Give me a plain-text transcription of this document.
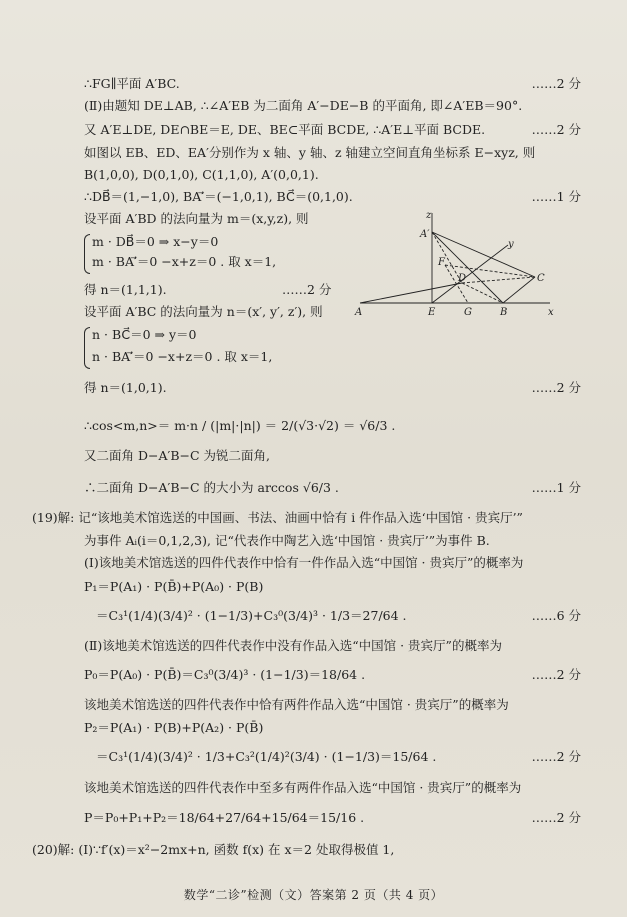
∴FG∥平面 A′BC.	……2 分
(Ⅱ)由题知 DE⊥AB, ∴∠A′EB 为二面角 A′−DE−B 的平面角, 即∠A′EB＝90°.
又 A′E⊥DE, DE∩BE＝E, DE、BE⊂平面 BCDE, ∴A′E⊥平面 BCDE.	……2 分
如图以 EB、ED、EA′分别作为 x 轴、y 轴、z 轴建立空间直角坐标系 E−xyz, 则
B(1,0,0), D(0,1,0), C(1,1,0), A′(0,0,1).
∴DB⃗＝(1,−1,0), BA′⃗＝(−1,0,1), BC⃗＝(0,1,0).	……1 分
设平面 A′BD 的法向量为 m＝(x,y,z), 则
m · DB⃗＝0 ⇒ x−y＝0
m · BA′⃗＝0 −x+z＝0 . 取 x＝1,
得 n＝(1,1,1).	……2 分
设平面 A′BC 的法向量为 n＝(x′, y′, z′), 则
n · BC⃗＝0 ⇒ y＝0
n · BA′⃗＝0 −x+z＝0 . 取 x＝1,
得 n＝(1,0,1).	……2 分
∴cos<m,n>＝ m·n / (|m|·|n|) ＝ 2/(√3·√2) ＝ √6/3 .
又二面角 D−A′B−C 为锐二面角,
∴二面角 D−A′B−C 的大小为 arccos √6/3 .	……1 分
(19)解: 记“该地美术馆选送的中国画、书法、油画中恰有 i 件作品入选‘中国馆 · 贵宾厅’”
为事件 Aᵢ(i＝0,1,2,3), 记“代表作中陶艺入选‘中国馆 · 贵宾厅’”为事件 B.
(Ⅰ)该地美术馆选送的四件代表作中恰有一件作品入选“中国馆 · 贵宾厅”的概率为
P₁＝P(A₁) · P(B̄)+P(A₀) · P(B)
＝C₃¹(1/4)(3/4)² · (1−1/3)+C₃⁰(3/4)³ · 1/3＝27/64 .	……6 分
(Ⅱ)该地美术馆选送的四件代表作中没有作品入选“中国馆 · 贵宾厅”的概率为
P₀＝P(A₀) · P(B̄)＝C₃⁰(3/4)³ · (1−1/3)＝18/64 .	……2 分
该地美术馆选送的四件代表作中恰有两件作品入选“中国馆 · 贵宾厅”的概率为
P₂＝P(A₁) · P(B)+P(A₂) · P(B̄)
＝C₃¹(1/4)(3/4)² · 1/3+C₃²(1/4)²(3/4) · (1−1/3)＝15/64 .	……2 分
该地美术馆选送的四件代表作中至多有两件作品入选“中国馆 · 贵宾厅”的概率为
P＝P₀+P₁+P₂＝18/64+27/64+15/64＝15/16 .	……2 分
(20)解: (Ⅰ)∵f′(x)＝x²−2mx+n, 函数 f(x) 在 x＝2 处取得极值 1,
z
A′
F
y
D	C
A	E	G	B	x
数学“二诊”检测（文）答案第 2 页（共 4 页）
